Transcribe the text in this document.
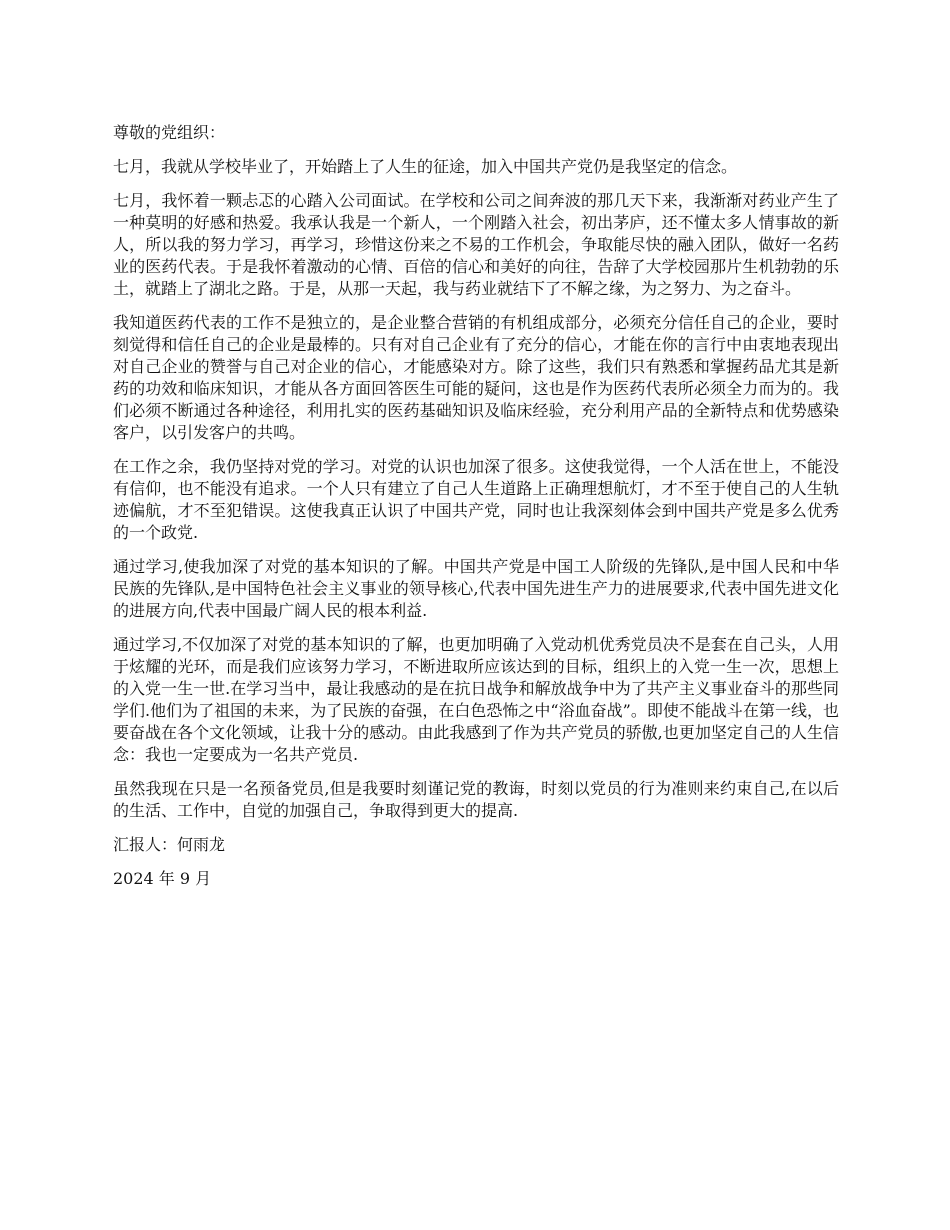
尊敬的党组织：

七月，我就从学校毕业了，开始踏上了人生的征途，加入中国共产党仍是我坚定的信念。

七月，我怀着一颗忐忑的心踏入公司面试。在学校和公司之间奔波的那几天下来，我渐渐对药业产生了一种莫明的好感和热爱。我承认我是一个新人，一个刚踏入社会，初出茅庐，还不懂太多人情事故的新人，所以我的努力学习，再学习，珍惜这份来之不易的工作机会，争取能尽快的融入团队，做好一名药业的医药代表。于是我怀着激动的心情、百倍的信心和美好的向往，告辞了大学校园那片生机勃勃的乐土，就踏上了湖北之路。于是，从那一天起，我与药业就结下了不解之缘，为之努力、为之奋斗。

我知道医药代表的工作不是独立的，是企业整合营销的有机组成部分，必须充分信任自己的企业，要时刻觉得和信任自己的企业是最棒的。只有对自己企业有了充分的信心，才能在你的言行中由衷地表现出对自己企业的赞誉与自己对企业的信心，才能感染对方。除了这些，我们只有熟悉和掌握药品尤其是新药的功效和临床知识，才能从各方面回答医生可能的疑问，这也是作为医药代表所必须全力而为的。我们必须不断通过各种途径，利用扎实的医药基础知识及临床经验，充分利用产品的全新特点和优势感染客户，以引发客户的共鸣。

在工作之余，我仍坚持对党的学习。对党的认识也加深了很多。这使我觉得，一个人活在世上，不能没有信仰，也不能没有追求。一个人只有建立了自己人生道路上正确理想航灯，才不至于使自己的人生轨迹偏航，才不至犯错误。这使我真正认识了中国共产党，同时也让我深刻体会到中国共产党是多么优秀的一个政党.

通过学习,使我加深了对党的基本知识的了解。中国共产党是中国工人阶级的先锋队,是中国人民和中华民族的先锋队,是中国特色社会主义事业的领导核心,代表中国先进生产力的进展要求,代表中国先进文化的进展方向,代表中国最广阔人民的根本利益.

通过学习,不仅加深了对党的基本知识的了解，也更加明确了入党动机优秀党员决不是套在自己头，人用于炫耀的光环，而是我们应该努力学习，不断进取所应该达到的目标，组织上的入党一生一次，思想上的入党一生一世.在学习当中，最让我感动的是在抗日战争和解放战争中为了共产主义事业奋斗的那些同学们.他们为了祖国的未来，为了民族的奋强，在白色恐怖之中“浴血奋战”。即使不能战斗在第一线，也要奋战在各个文化领域，让我十分的感动。由此我感到了作为共产党员的骄傲,也更加坚定自己的人生信念：我也一定要成为一名共产党员.

虽然我现在只是一名预备党员,但是我要时刻谨记党的教诲，时刻以党员的行为准则来约束自己,在以后的生活、工作中，自觉的加强自己，争取得到更大的提高.

汇报人：何雨龙

2024 年 9 月
